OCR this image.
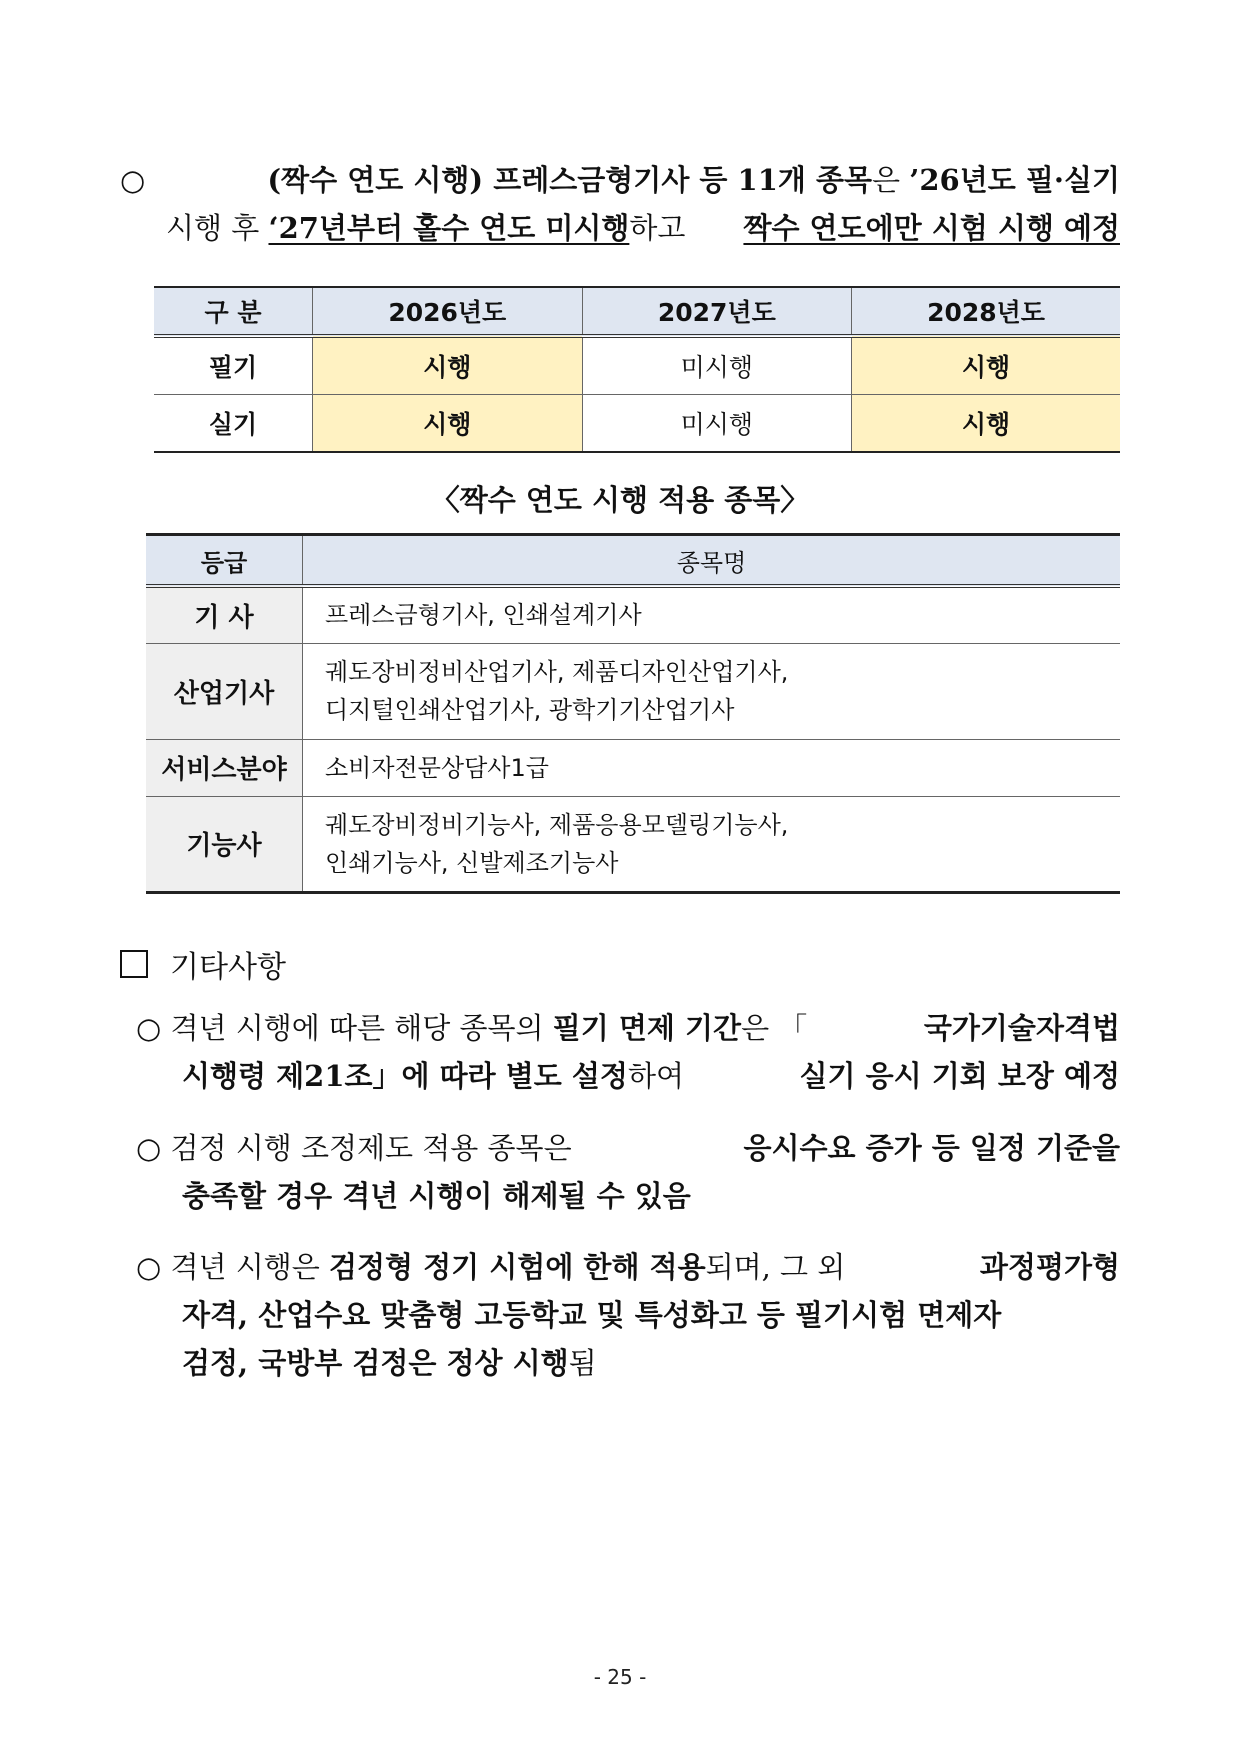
○	(짝수 연도 시행) 프레스금형기사 등 11개 종목은 ’26년도 필·실기
시행 후 ‘27년부터 홀수 연도 미시행하고 짝수 연도에만 시험 시행 예정
구 분	2026년도	2027년도	2028년도
필기	시행	미시행	시행
실기	시행	미시행	시행
〈짝수 연도 시행 적용 종목〉
등급	종목명
기 사	프레스금형기사, 인쇄설계기사

산업기사	궤도장비정비산업기사, 제품디자인산업기사,
디지털인쇄산업기사, 광학기기산업기사

서비스분야	소비자전문상담사1급

기능사	궤도장비정비기능사, 제품응용모델링기능사,
인쇄기능사, 신발제조기능사
기타사항
○ 격년 시행에 따른 해당 종목의 필기 면제 기간은 「	국가기술자격법
시행령 제21조」에 따라 별도 설정하여	실기 응시 기회 보장 예정
○ 검정 시행 조정제도 적용 종목은	응시수요 증가 등 일정 기준을
충족할 경우 격년 시행이 해제될 수 있음
○ 격년 시행은 검정형 정기 시험에 한해 적용되며, 그 외	과정평가형
자격, 산업수요 맞춤형 고등학교 및 특성화고 등 필기시험 면제자
검정, 국방부 검정은 정상 시행됨
- 25 -
